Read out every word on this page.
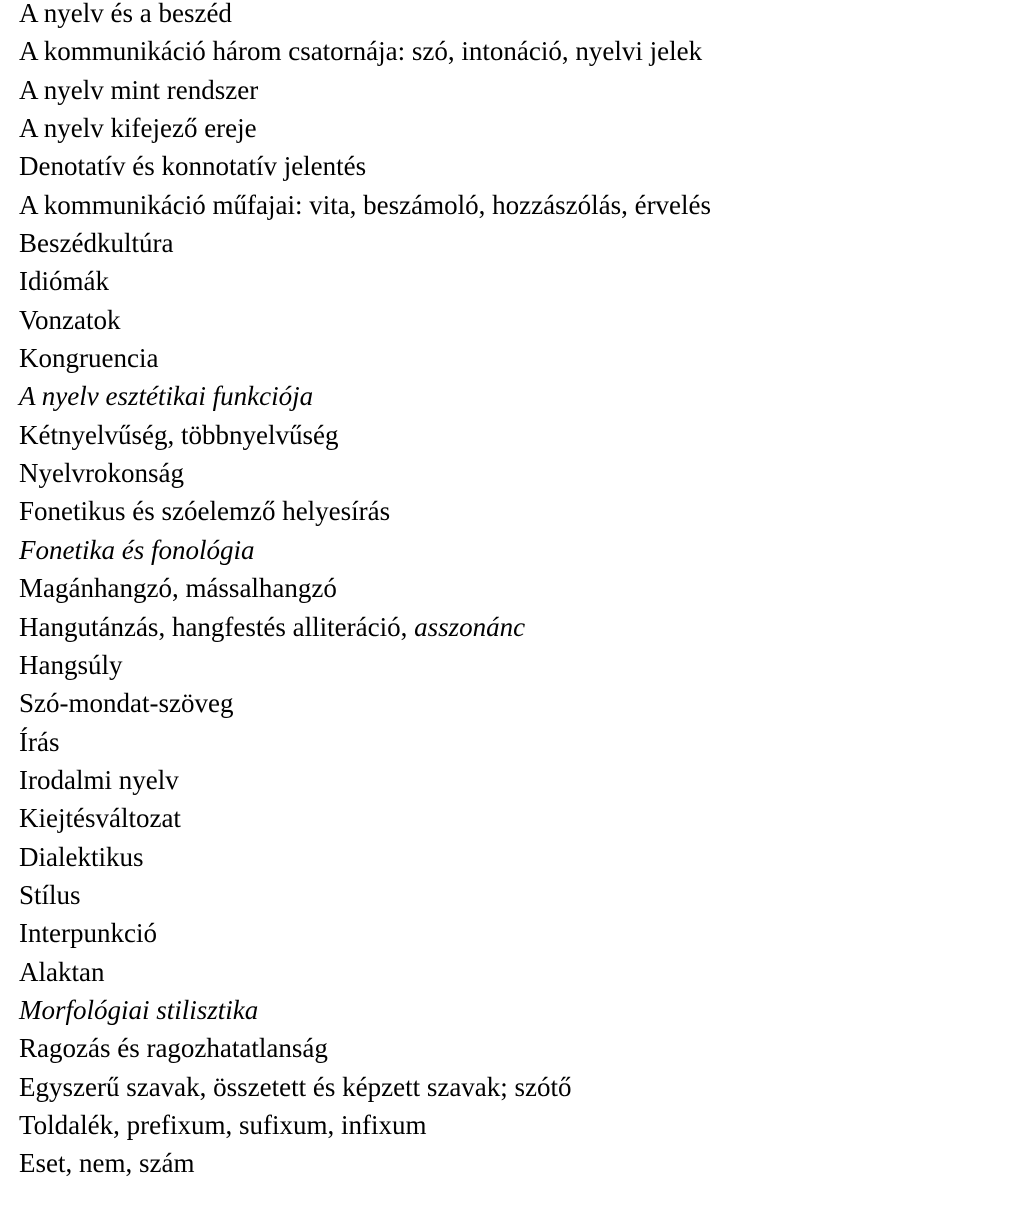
A nyelv és a beszéd
A kommunikáció három csatornája: szó, intonáció, nyelvi jelek
A nyelv mint rendszer
A nyelv kifejező ereje
Denotatív és konnotatív jelentés
A kommunikáció műfajai: vita, beszámoló, hozzászólás, érvelés
Beszédkultúra
Idiómák
Vonzatok
Kongruencia
A nyelv esztétikai funkciója
Kétnyelvűség, többnyelvűség
Nyelvrokonság
Fonetikus és szóelemző helyesírás
Fonetika és fonológia
Magánhangzó, mássalhangzó
Hangutánzás, hangfestés alliteráció, asszonánc
Hangsúly
Szó-mondat-szöveg
Írás
Irodalmi nyelv
Kiejtésváltozat
Dialektikus
Stílus
Interpunkció
Alaktan
Morfológiai stilisztika
Ragozás és ragozhatatlanság
Egyszerű szavak, összetett és képzett szavak; szótő
Toldalék, prefixum, sufixum, infixum
Eset, nem, szám
